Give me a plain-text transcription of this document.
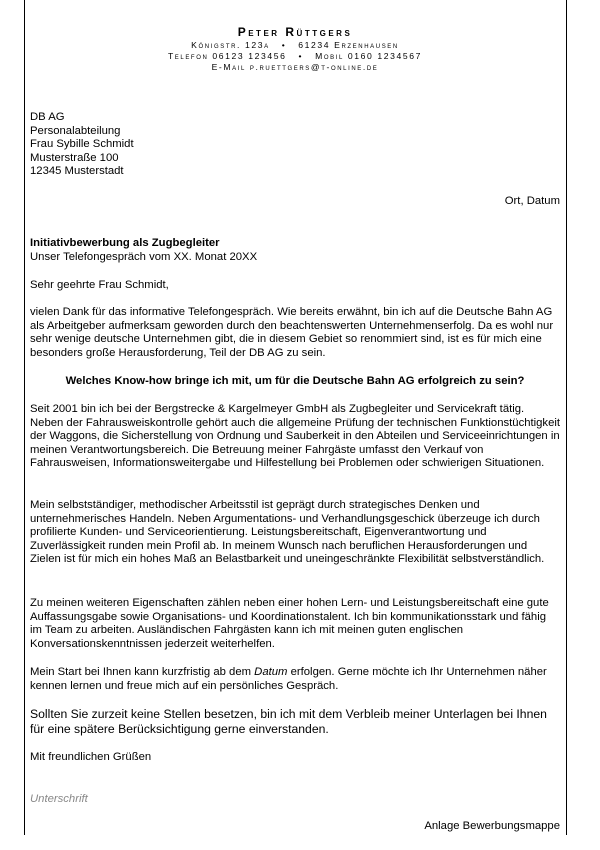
Peter Rüttgers
Königstr. 123a   •   61234 Erzenhausen
Telefon 06123 123456   •   Mobil 0160 1234567
E-Mail p.ruettgers@t-online.de
DB AG
Personalabteilung
Frau Sybille Schmidt
Musterstraße 100
12345 Musterstadt
Ort, Datum
Initiativbewerbung als Zugbegleiter
Unser Telefongespräch vom XX. Monat 20XX
Sehr geehrte Frau Schmidt,
vielen Dank für das informative Telefongespräch. Wie bereits erwähnt, bin ich auf die Deutsche Bahn AG als Arbeitgeber aufmerksam geworden durch den beachtenswerten Unternehmenserfolg. Da es wohl nur sehr wenige deutsche Unternehmen gibt, die in diesem Gebiet so renommiert sind, ist es für mich eine besonders große Herausforderung, Teil der DB AG zu sein.
Welches Know-how bringe ich mit, um für die Deutsche Bahn AG erfolgreich zu sein?
Seit 2001 bin ich bei der Bergstrecke & Kargelmeyer GmbH als Zugbegleiter und Servicekraft tätig. Neben der Fahrausweiskontrolle gehört auch die allgemeine Prüfung der technischen Funktionstüchtigkeit der Waggons, die Sicherstellung von Ordnung und Sauberkeit in den Abteilen und Serviceeinrichtungen in meinen Verantwortungsbereich. Die Betreuung meiner Fahrgäste umfasst den Verkauf von Fahrausweisen, Informationsweitergabe und Hilfestellung bei Problemen oder schwierigen Situationen.
Mein selbstständiger, methodischer Arbeitsstil ist geprägt durch strategisches Denken und unternehmerisches Handeln. Neben Argumentations- und Verhandlungsgeschick überzeuge ich durch profilierte Kunden- und Serviceorientierung. Leistungsbereitschaft, Eigenverantwortung und Zuverlässigkeit runden mein Profil ab. In meinem Wunsch nach beruflichen Herausforderungen und Zielen ist für mich ein hohes Maß an Belastbarkeit und uneingeschränkte Flexibilität selbstverständlich.
Zu meinen weiteren Eigenschaften zählen neben einer hohen Lern- und Leistungsbereitschaft eine gute Auffassungsgabe sowie Organisations- und Koordinationstalent. Ich bin kommunikationsstark und fähig im Team zu arbeiten. Ausländischen Fahrgästen kann ich mit meinen guten englischen Konversationskenntnissen jederzeit weiterhelfen.
Mein Start bei Ihnen kann kurzfristig ab dem Datum erfolgen. Gerne möchte ich Ihr Unternehmen näher kennen lernen und freue mich auf ein persönliches Gespräch.
Sollten Sie zurzeit keine Stellen besetzen, bin ich mit dem Verbleib meiner Unterlagen bei Ihnen für eine spätere Berücksichtigung gerne einverstanden.
Mit freundlichen Grüßen
Unterschrift
Anlage Bewerbungsmappe
